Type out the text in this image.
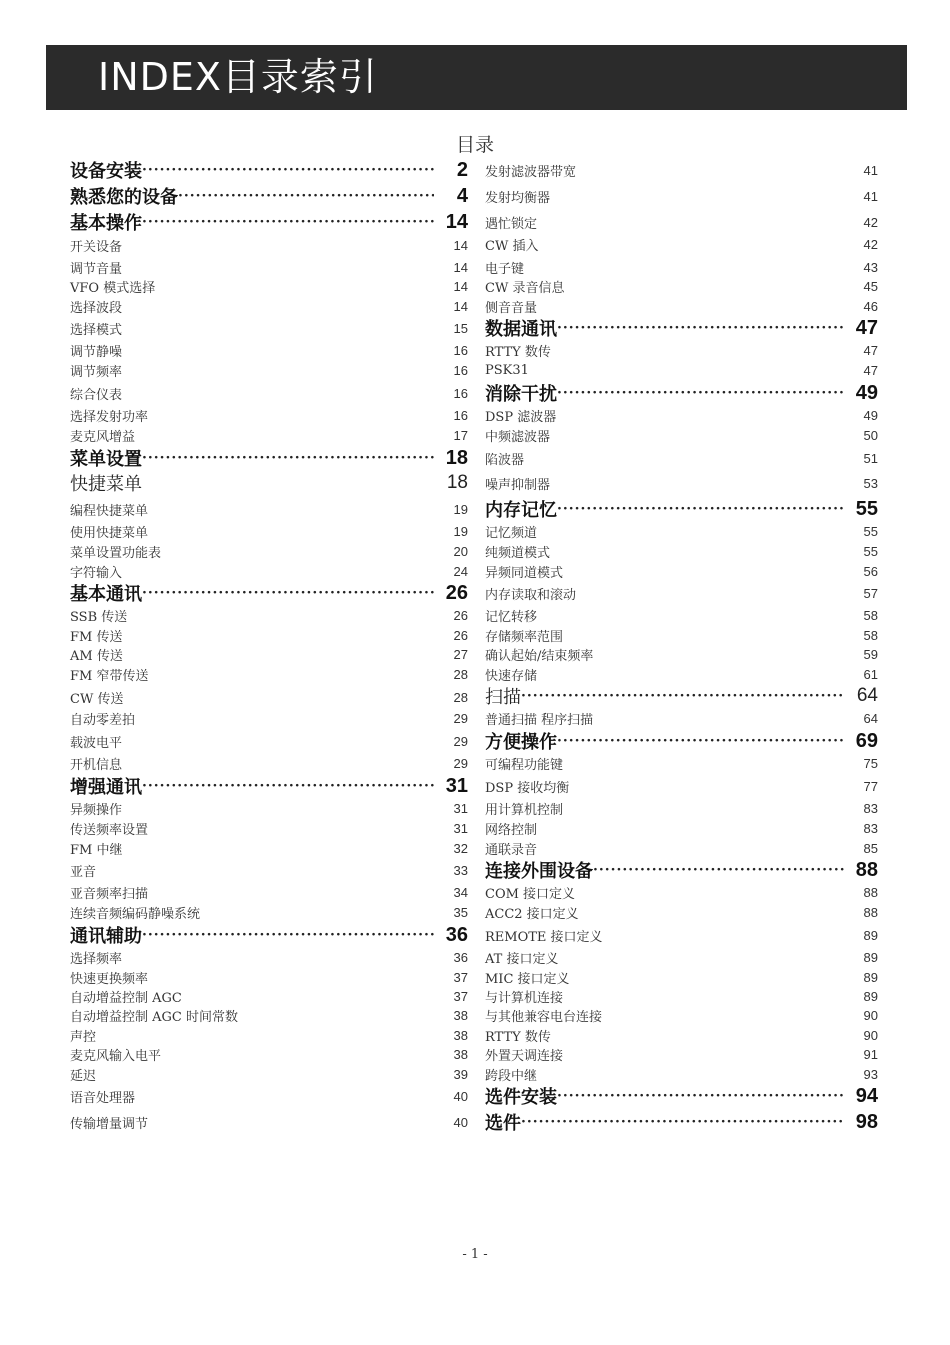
INDEX目录索引
目录
设备安装 ·····	2
熟悉您的设备 ·····	4
基本操作 ·····	14
开关设备	14
调节音量	14
VFO 模式选择	14
选择波段	14
选择模式	15
调节静噪	16
调节频率	16
综合仪表	16
选择发射功率	16
麦克风增益	17
菜单设置 ·····	18
快捷菜单	18
编程快捷菜单	19
使用快捷菜单	19
菜单设置功能表	20
字符输入	24
基本通讯 ·····	26
SSB 传送	26
FM 传送	26
AM 传送	27
FM 窄带传送	28
CW 传送	28
自动零差拍	29
载波电平	29
开机信息	29
增强通讯 ·····	31
异频操作	31
传送频率设置	31
FM 中继	32
亚音	33
亚音频率扫描	34
连续音频编码静噪系统	35
通讯辅助 ·····	36
选择频率	36
快速更换频率	37
自动增益控制 AGC	37
自动增益控制 AGC 时间常数	38
声控	38
麦克风输入电平	38
延迟	39
语音处理器	40
传输增量调节	40
发射滤波器带宽	41
发射均衡器	41
遇忙锁定	42
CW 插入	42
电子键	43
CW 录音信息	45
侧音音量	46
数据通讯 ·····	47
RTTY 数传	47
PSK31	47
消除干扰 ·····	49
DSP 滤波器	49
中频滤波器	50
陷波器	51
噪声抑制器	53
内存记忆 ·····	55
记忆频道	55
纯频道模式	55
异频同道模式	56
内存读取和滚动	57
记忆转移	58
存储频率范围	58
确认起始/结束频率	59
快速存储	61
扫描 ·····	64
普通扫描 程序扫描	64
方便操作 ·····	69
可编程功能键	75
DSP 接收均衡	77
用计算机控制	83
网络控制	83
通联录音	85
连接外围设备 ·····	88
COM 接口定义	88
ACC2 接口定义	88
REMOTE 接口定义	89
AT 接口定义	89
MIC 接口定义	89
与计算机连接	89
与其他兼容电台连接	90
RTTY 数传	90
外置天调连接	91
跨段中继	93
选件安装 ·····	94
选件 ·····	98
- 1 -
